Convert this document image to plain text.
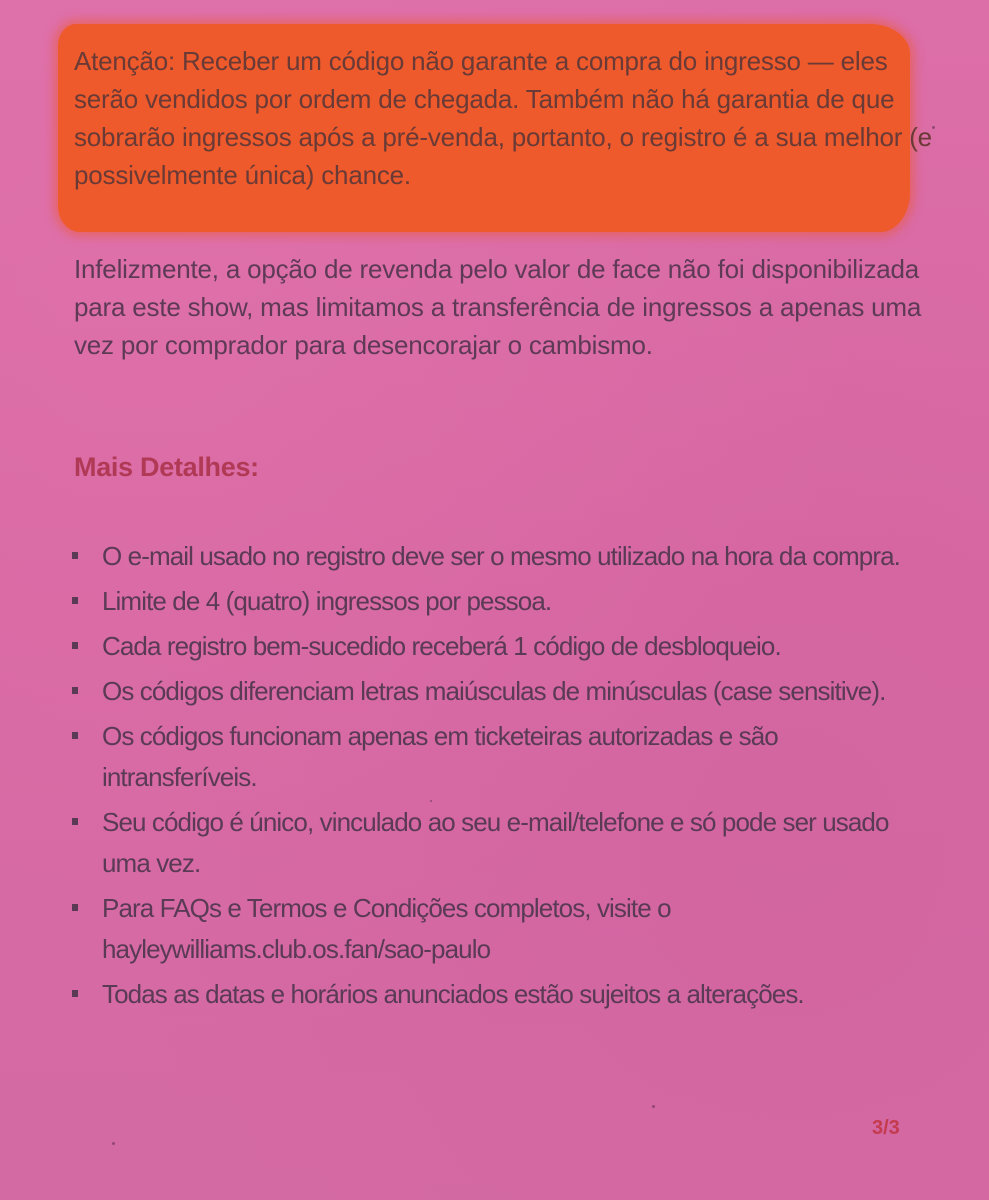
Atenção: Receber um código não garante a compra do ingresso — eles serão vendidos por ordem de chegada. Também não há garantia de que sobrarão ingressos após a pré-venda, portanto, o registro é a sua melhor (e possivelmente única) chance.

Infelizmente, a opção de revenda pelo valor de face não foi disponibilizada para este show, mas limitamos a transferência de ingressos a apenas uma vez por comprador para desencorajar o cambismo.

Mais Detalhes:
O e-mail usado no registro deve ser o mesmo utilizado na hora da compra.
Limite de 4 (quatro) ingressos por pessoa.
Cada registro bem-sucedido receberá 1 código de desbloqueio.
Os códigos diferenciam letras maiúsculas de minúsculas (case sensitive).
Os códigos funcionam apenas em ticketeiras autorizadas e são intransferíveis.
Seu código é único, vinculado ao seu e-mail/telefone e só pode ser usado uma vez.
Para FAQs e Termos e Condições completos, visite o hayleywilliams.club.os.fan/sao-paulo
Todas as datas e horários anunciados estão sujeitos a alterações.
3/3
